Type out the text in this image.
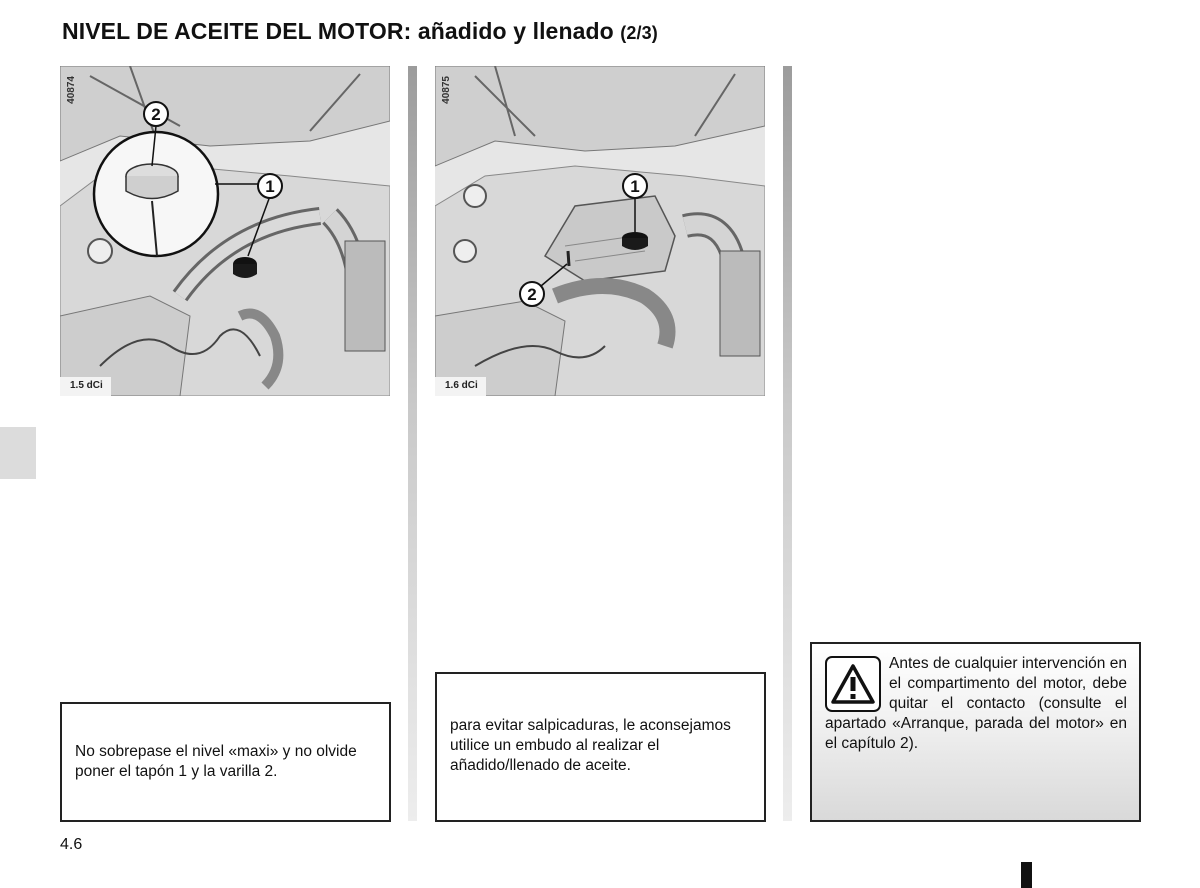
NIVEL DE ACEITE DEL MOTOR: añadido y llenado (2/3)
2
1
40874
1.5 dCi
1
2
40875
1.6 dCi
No sobrepase el nivel «maxi» y no olvide poner el tapón 1 y la varilla 2.
para evitar salpicaduras, le aconsejamos utilice un embudo al realizar el añadido/llenado de aceite.
Antes de cualquier intervención en el compartimento del motor, debe quitar el contacto (consulte el apartado «Arranque, parada del motor» en el capítulo 2).
4.6
